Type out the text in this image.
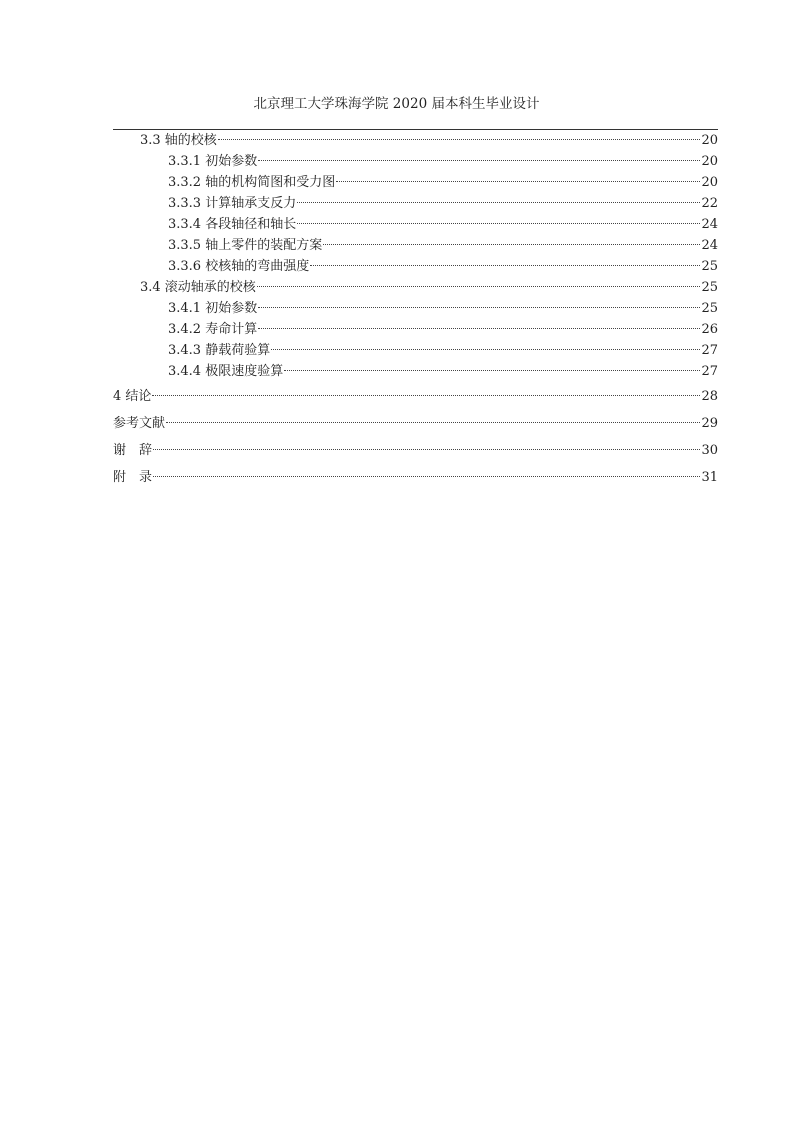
北京理工大学珠海学院 2020 届本科生毕业设计
3.3 轴的校核	20
3.3.1 初始参数	20
3.3.2 轴的机构简图和受力图	20
3.3.3 计算轴承支反力	22
3.3.4 各段轴径和轴长	24
3.3.5 轴上零件的装配方案	24
3.3.6 校核轴的弯曲强度	25
3.4 滚动轴承的校核	25
3.4.1 初始参数	25
3.4.2 寿命计算	26
3.4.3 静载荷验算	27
3.4.4 极限速度验算	27
4 结论	28
参考文献	29
谢 辞	30
附 录	31
